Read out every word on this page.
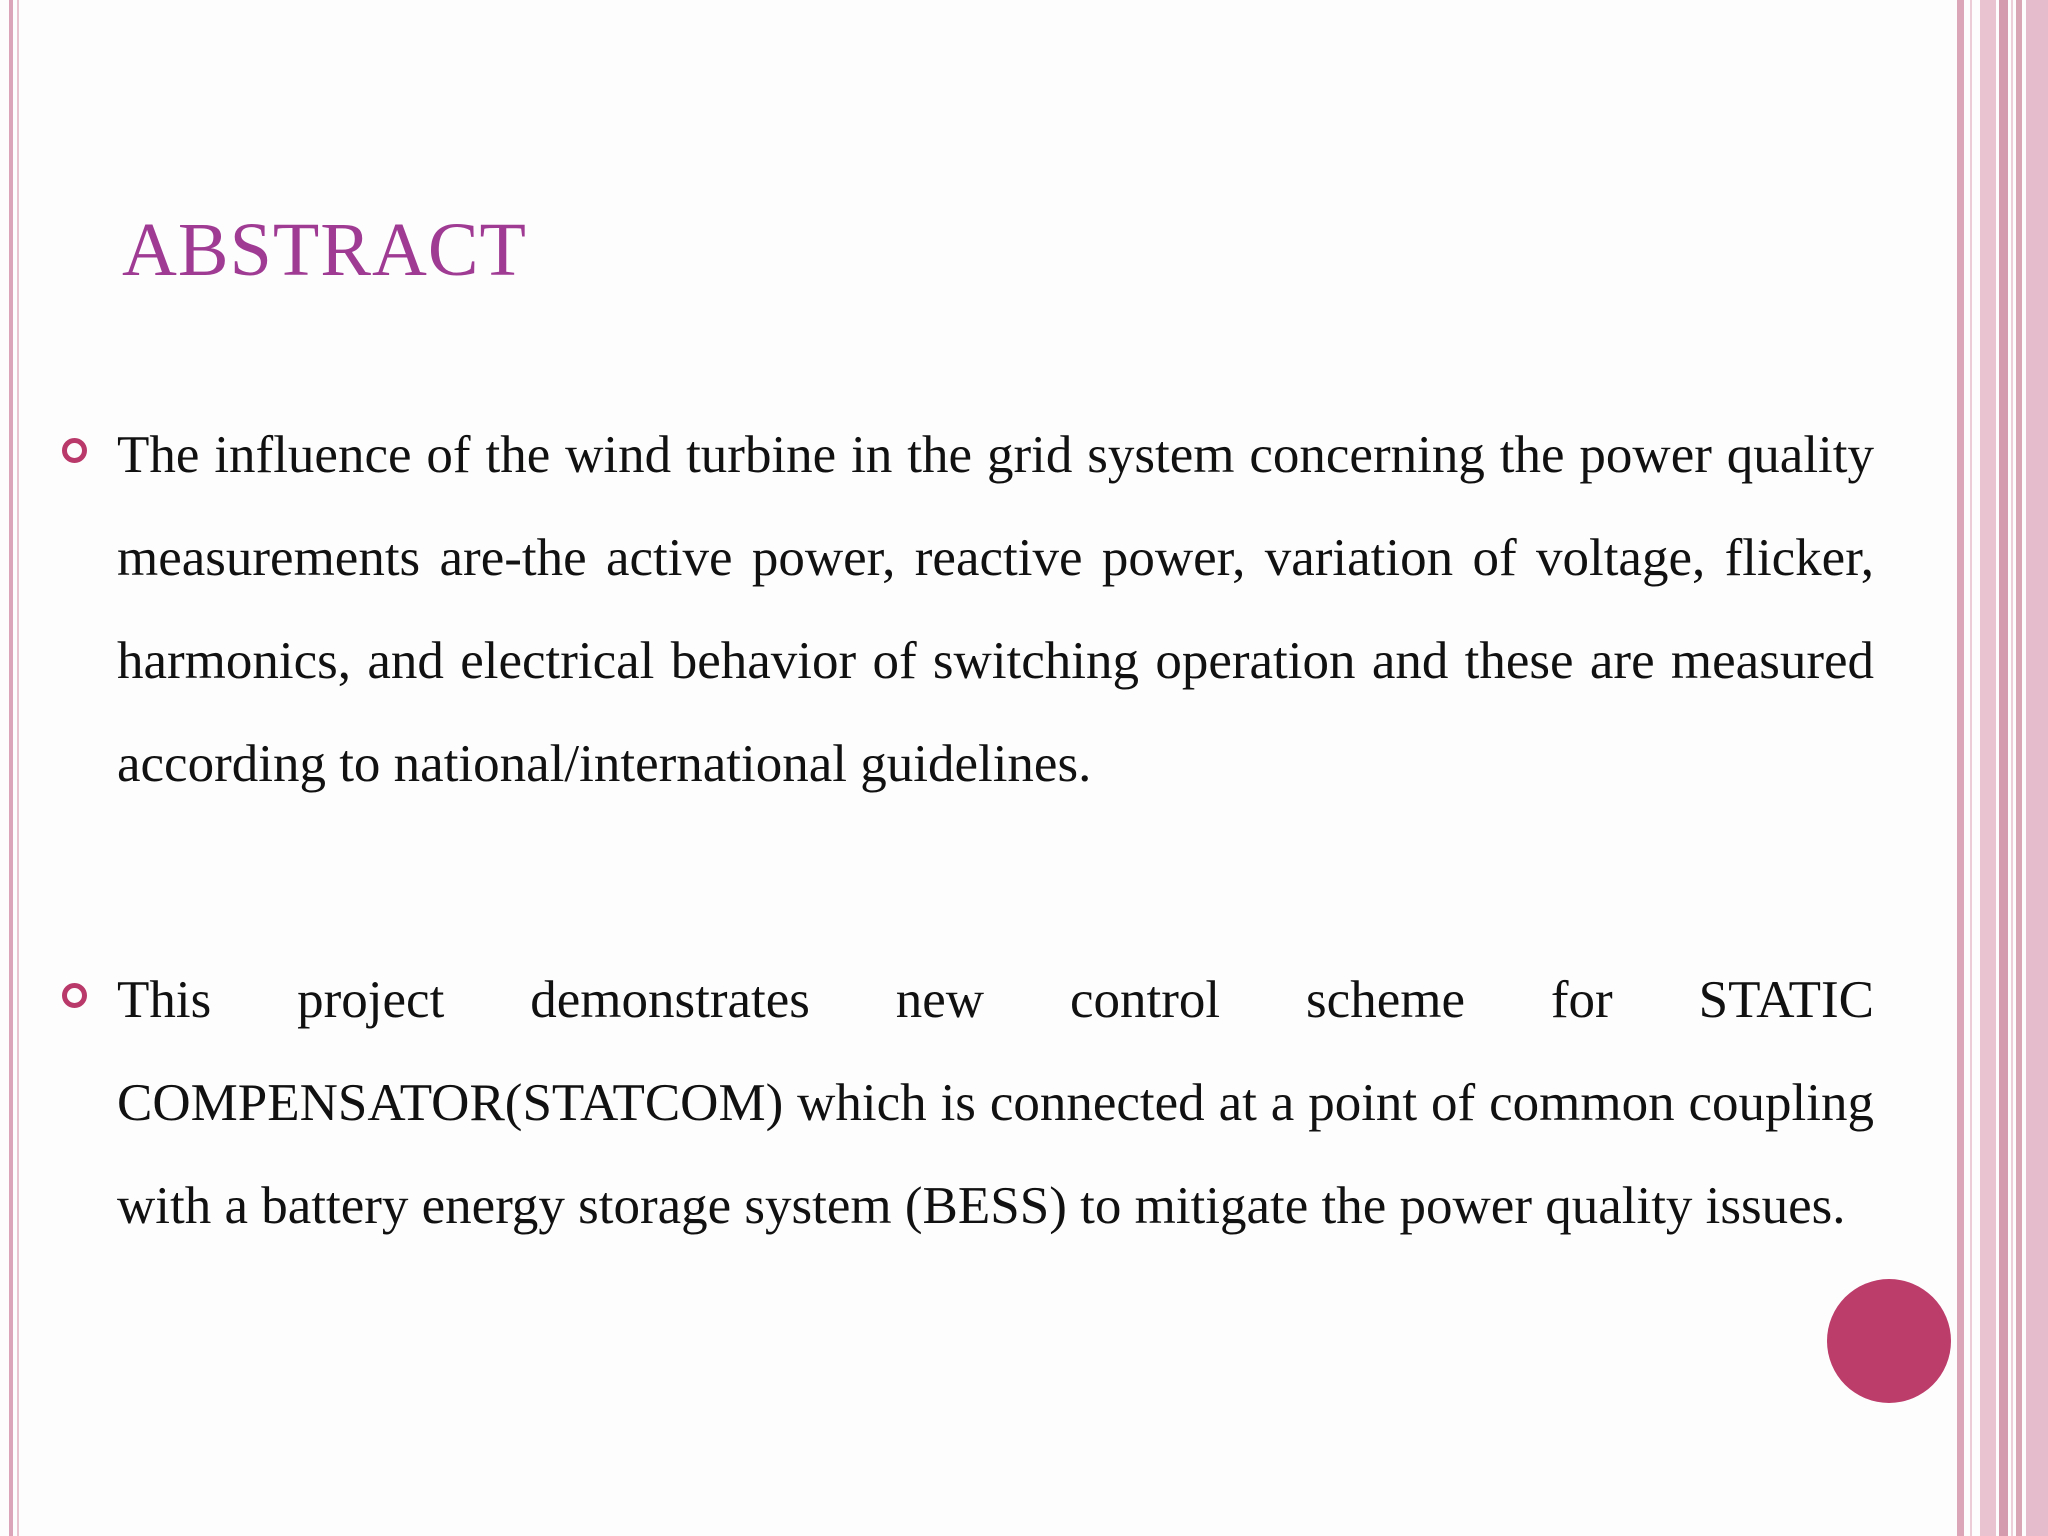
ABSTRACT
The influence of the wind turbine in the grid system concerning the power quality measurements are-the active power, reactive power, variation of voltage, flicker, harmonics, and electrical behavior of switching operation and these are measured according to national/international guidelines.
This project demonstrates new control scheme for STATIC COMPENSATOR(STATCOM) which is connected at a point of common coupling with a battery energy storage system (BESS) to mitigate the power quality issues.
